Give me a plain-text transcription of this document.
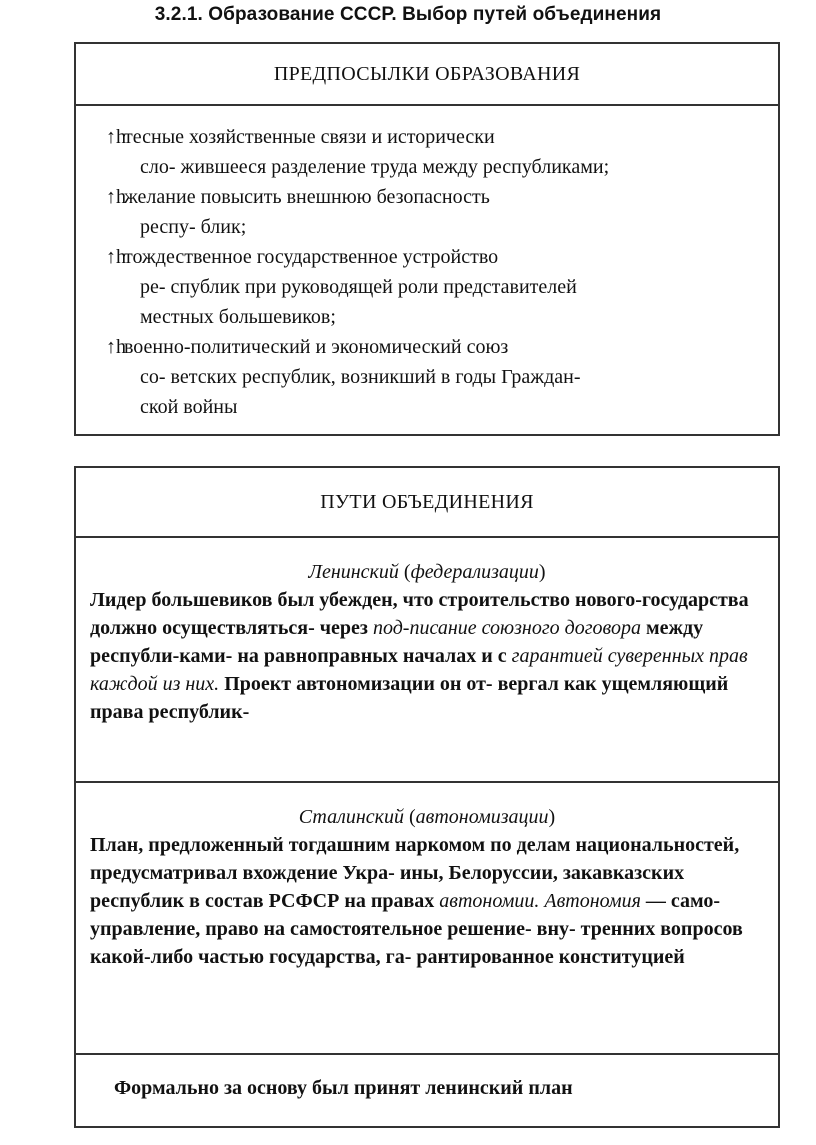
3.2.1. Образование СССР. Выбор путей объединения
ПРЕДПОСЫЛКИ ОБРАЗОВАНИЯ
↑h
тесные хозяйственные связи и исторически
сло- жившееся разделение труда между республиками;
↑h
желание повысить внешнюю безопасность
респу- блик;
↑h
тождественное государственное устройство
ре- спублик при руководящей роли представителей
местных большевиков;
↑h
военно-политический и экономический союз
со- ветских республик, возникший в годы Граждан-
ской войны
ПУТИ ОБЪЕДИНЕНИЯ
Ленинский (федерализации)
Лидер большевиков был убежден, что строительство нового-государства должно осуществляться- через под-писание союзного договора между республи-ками- на равноправных началах и с гарантией суверенных прав каждой из них. Проект автономизации он от- вергал как ущемляющий права республик-
Сталинский (автономизации)
План, предложенный тогдашним наркомом по делам национальностей, предусматривал вхождение Укра- ины, Белоруссии, закавказских республик в состав РСФСР на правах автономии. Автономия — само- управление, право на самостоятельное решение- вну- тренних вопросов какой-либо частью государства, га- рантированное конституцией
Формально за основу был принят ленинский план
